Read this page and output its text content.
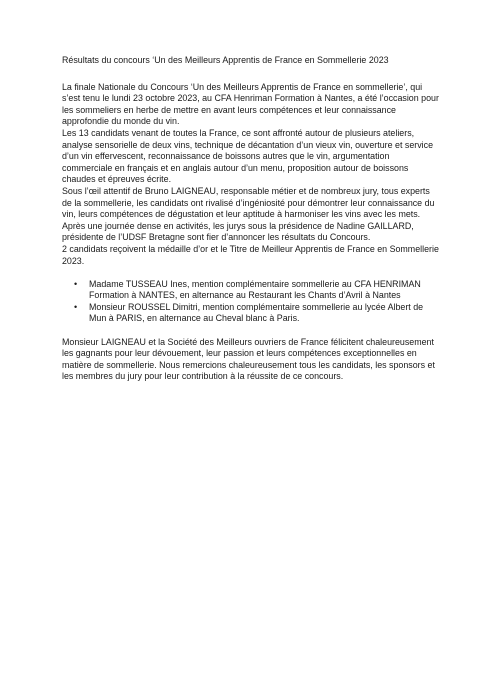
Résultats du concours ‘Un des Meilleurs Apprentis de France en Sommellerie 2023

La finale Nationale du Concours ‘Un des Meilleurs Apprentis de France en sommellerie’, qui s’est tenu le lundi 23 octobre 2023, au CFA Henriman Formation à Nantes, a été l’occasion pour les sommeliers en herbe de mettre en avant leurs compétences et leur connaissance approfondie du monde du vin.

Les 13 candidats venant de toutes la France, ce sont affronté autour de plusieurs ateliers, analyse sensorielle de deux vins, technique de décantation d’un vieux vin, ouverture et service d’un vin effervescent, reconnaissance de boissons autres que le vin, argumentation commerciale en français et en anglais autour d’un menu, proposition autour de boissons chaudes et épreuves écrite.

Sous l’œil attentif de Bruno LAIGNEAU, responsable métier et de nombreux jury, tous experts de la sommellerie, les candidats ont rivalisé d’ingéniosité pour démontrer leur connaissance du vin, leurs compétences de dégustation et leur aptitude à harmoniser les vins avec les mets.

Après une journée dense en activités, les jurys sous la présidence de Nadine GAILLARD, présidente de l’UDSF Bretagne sont fier d’annoncer les résultats du Concours.

2 candidats reçoivent la médaille d’or et le Titre de Meilleur Apprentis de France en Sommellerie 2023.

• Madame TUSSEAU Ines, mention complémentaire sommellerie au CFA HENRIMAN Formation à NANTES, en alternance au Restaurant les Chants d’Avril à Nantes
• Monsieur ROUSSEL Dimitri, mention complémentaire sommellerie au lycée Albert de Mun à PARIS, en alternance au Cheval blanc à Paris.

Monsieur LAIGNEAU et la Société des Meilleurs ouvriers de France félicitent chaleureusement les gagnants pour leur dévouement, leur passion et leurs compétences exceptionnelles en matière de sommellerie. Nous remercions chaleureusement tous les candidats, les sponsors et les membres du jury pour leur contribution à la réussite de ce concours.
